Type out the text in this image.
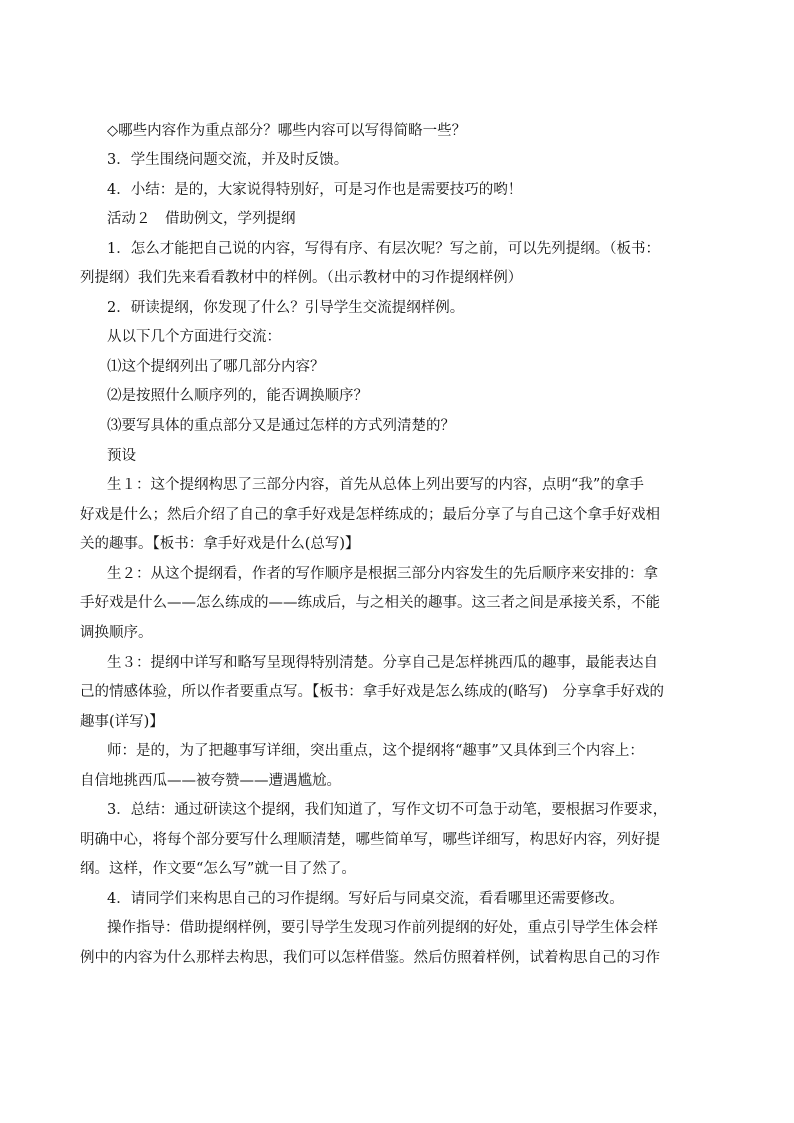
◇哪些内容作为重点部分？哪些内容可以写得简略一些？
3．学生围绕问题交流，并及时反馈。
4．小结：是的，大家说得特别好，可是习作也是需要技巧的哟！
活动２　借助例文，学列提纲
1．怎么才能把自己说的内容，写得有序、有层次呢？写之前，可以先列提纲。（板书：
列提纲）我们先来看看教材中的样例。（出示教材中的习作提纲样例）
2．研读提纲，你发现了什么？引导学生交流提纲样例。
从以下几个方面进行交流：
⑴这个提纲列出了哪几部分内容？
⑵是按照什么顺序列的，能否调换顺序？
⑶要写具体的重点部分又是通过怎样的方式列清楚的？
预设
生１：这个提纲构思了三部分内容，首先从总体上列出要写的内容，点明“我”的拿手
好戏是什么；然后介绍了自己的拿手好戏是怎样练成的；最后分享了与自己这个拿手好戏相
关的趣事。【板书：拿手好戏是什么(总写)】
生２：从这个提纲看，作者的写作顺序是根据三部分内容发生的先后顺序来安排的：拿
手好戏是什么——怎么练成的——练成后，与之相关的趣事。这三者之间是承接关系，不能
调换顺序。
生３：提纲中详写和略写呈现得特别清楚。分享自己是怎样挑西瓜的趣事，最能表达自
己的情感体验，所以作者要重点写。【板书：拿手好戏是怎么练成的(略写)　分享拿手好戏的
趣事(详写)】
师：是的，为了把趣事写详细，突出重点，这个提纲将“趣事”又具体到三个内容上：
自信地挑西瓜——被夸赞——遭遇尴尬。
3．总结：通过研读这个提纲，我们知道了，写作文切不可急于动笔，要根据习作要求，
明确中心，将每个部分要写什么理顺清楚，哪些简单写，哪些详细写，构思好内容，列好提
纲。这样，作文要“怎么写”就一目了然了。
4．请同学们来构思自己的习作提纲。写好后与同桌交流，看看哪里还需要修改。
操作指导：借助提纲样例，要引导学生发现习作前列提纲的好处，重点引导学生体会样
例中的内容为什么那样去构思，我们可以怎样借鉴。然后仿照着样例，试着构思自己的习作
